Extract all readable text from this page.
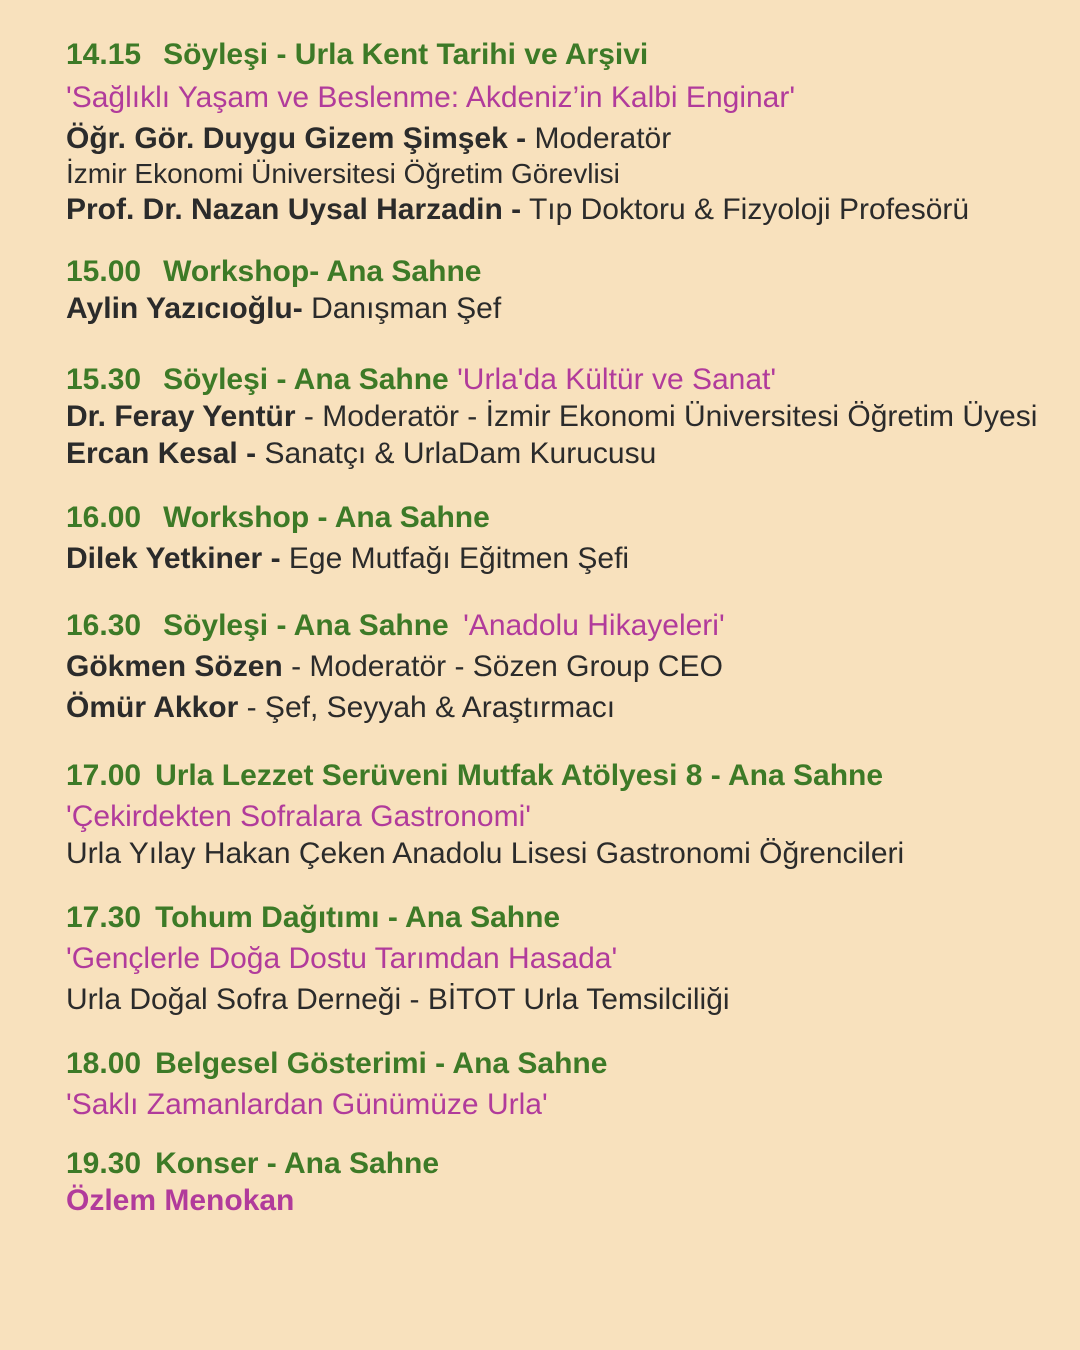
14.15 Söyleşi - Urla Kent Tarihi ve Arşivi
'Sağlıklı Yaşam ve Beslenme: Akdeniz’in Kalbi Enginar'
Öğr. Gör. Duygu Gizem Şimşek - Moderatör
İzmir Ekonomi Üniversitesi Öğretim Görevlisi
Prof. Dr. Nazan Uysal Harzadin - Tıp Doktoru & Fizyoloji Profesörü
15.00 Workshop- Ana Sahne
Aylin Yazıcıoğlu- Danışman Şef
15.30 Söyleşi - Ana Sahne 'Urla'da Kültür ve Sanat'
Dr. Feray Yentür - Moderatör - İzmir Ekonomi Üniversitesi Öğretim Üyesi
Ercan Kesal - Sanatçı & UrlaDam Kurucusu
16.00 Workshop - Ana Sahne
Dilek Yetkiner - Ege Mutfağı Eğitmen Şefi
16.30 Söyleşi - Ana Sahne 'Anadolu Hikayeleri'
Gökmen Sözen - Moderatör - Sözen Group CEO
Ömür Akkor - Şef, Seyyah & Araştırmacı
17.00 Urla Lezzet Serüveni Mutfak Atölyesi 8 - Ana Sahne
'Çekirdekten Sofralara Gastronomi'
Urla Yılay Hakan Çeken Anadolu Lisesi Gastronomi Öğrencileri
17.30 Tohum Dağıtımı - Ana Sahne
'Gençlerle Doğa Dostu Tarımdan Hasada'
Urla Doğal Sofra Derneği - BİTOT Urla Temsilciliği
18.00 Belgesel Gösterimi - Ana Sahne
'Saklı Zamanlardan Günümüze Urla'
19.30 Konser - Ana Sahne
Özlem Menokan
